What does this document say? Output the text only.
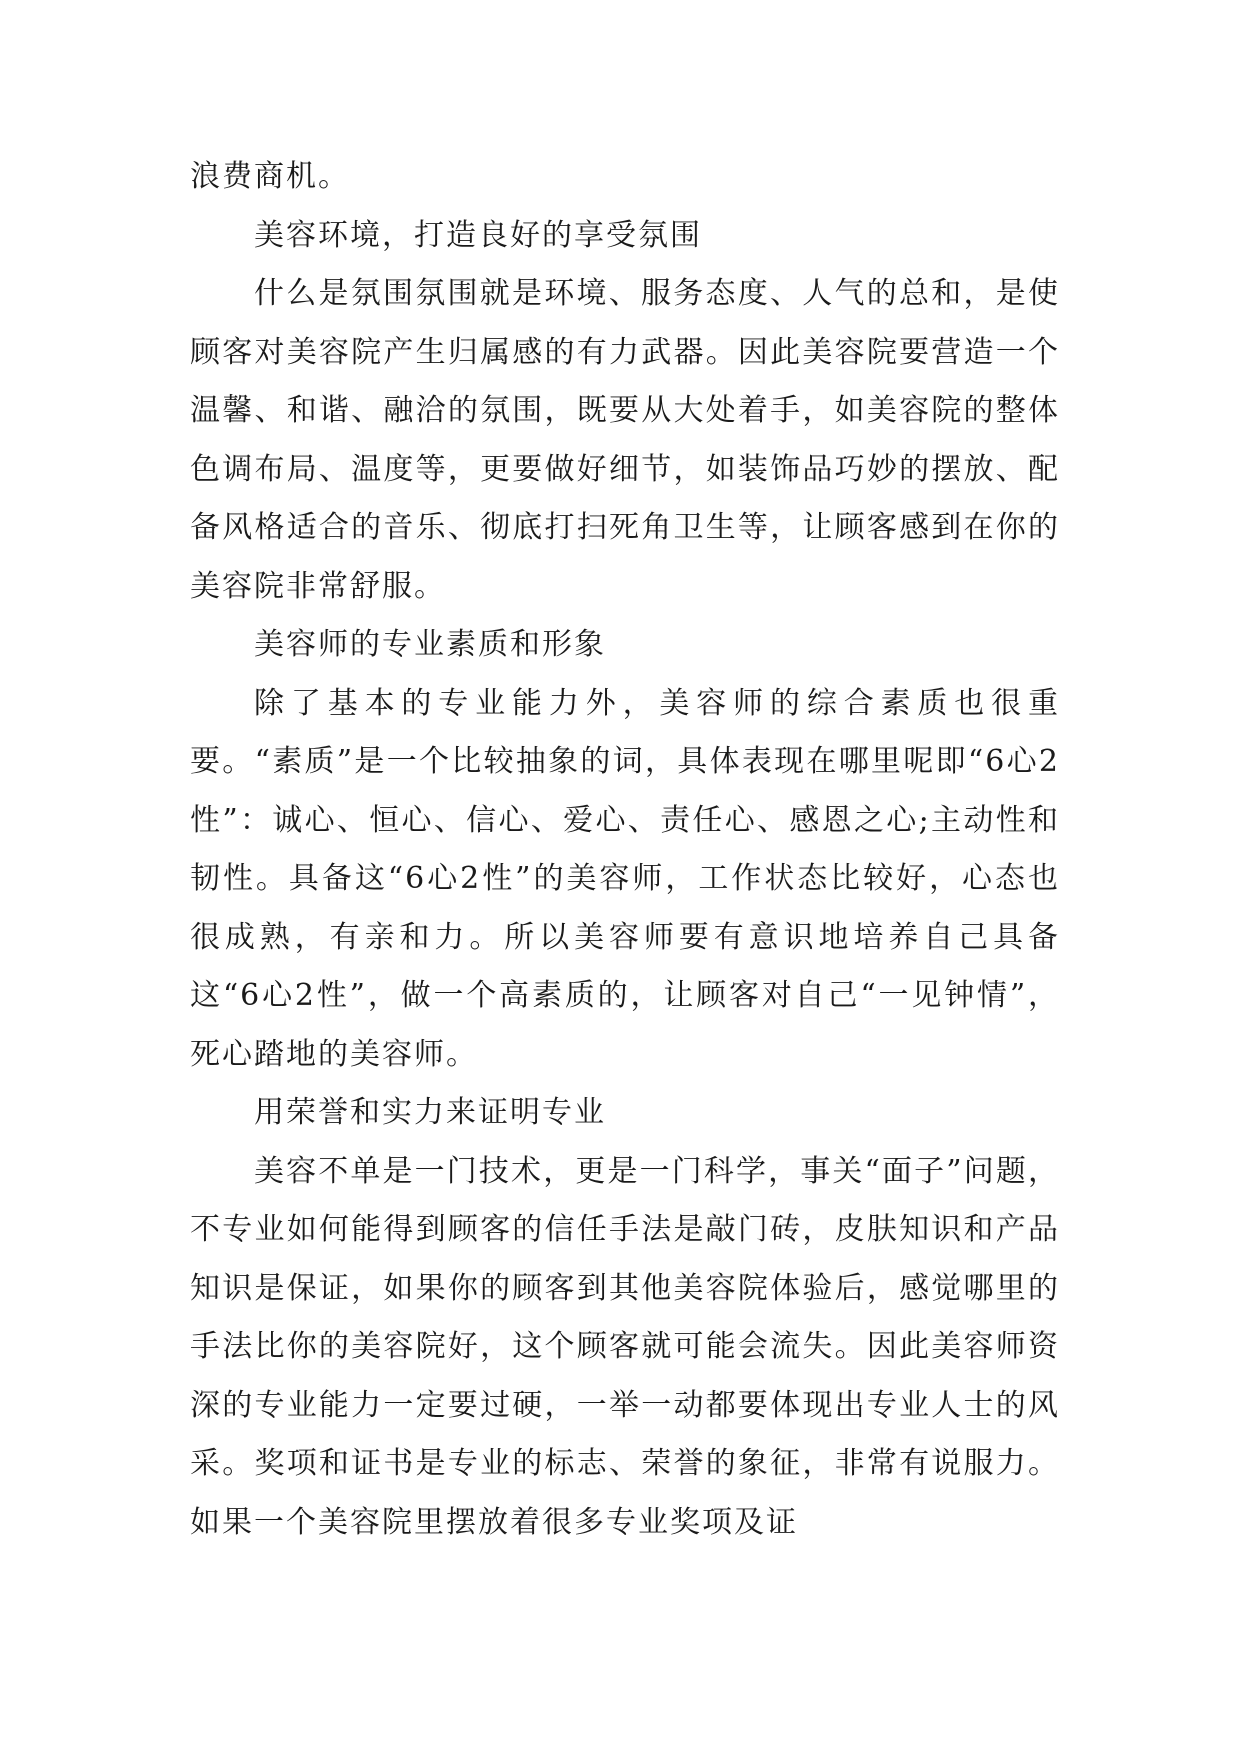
浪费商机。

美容环境，打造良好的享受氛围

什么是氛围氛围就是环境、服务态度、人气的总和，是使顾客对美容院产生归属感的有力武器。因此美容院要营造一个温馨、和谐、融洽的氛围，既要从大处着手，如美容院的整体色调布局、温度等，更要做好细节，如装饰品巧妙的摆放、配备风格适合的音乐、彻底打扫死角卫生等，让顾客感到在你的美容院非常舒服。

美容师的专业素质和形象

除了基本的专业能力外，美容师的综合素质也很重要。“素质”是一个比较抽象的词，具体表现在哪里呢即“6心2性”：诚心、恒心、信心、爱心、责任心、感恩之心;主动性和韧性。具备这“6心2性”的美容师，工作状态比较好，心态也很成熟，有亲和力。所以美容师要有意识地培养自己具备这“6心2性”，做一个高素质的，让顾客对自己“一见钟情”，死心踏地的美容师。

用荣誉和实力来证明专业

美容不单是一门技术，更是一门科学，事关“面子”问题，不专业如何能得到顾客的信任手法是敲门砖，皮肤知识和产品知识是保证，如果你的顾客到其他美容院体验后，感觉哪里的手法比你的美容院好，这个顾客就可能会流失。因此美容师资深的专业能力一定要过硬，一举一动都要体现出专业人士的风采。奖项和证书是专业的标志、荣誉的象征，非常有说服力。如果一个美容院里摆放着很多专业奖项及证
